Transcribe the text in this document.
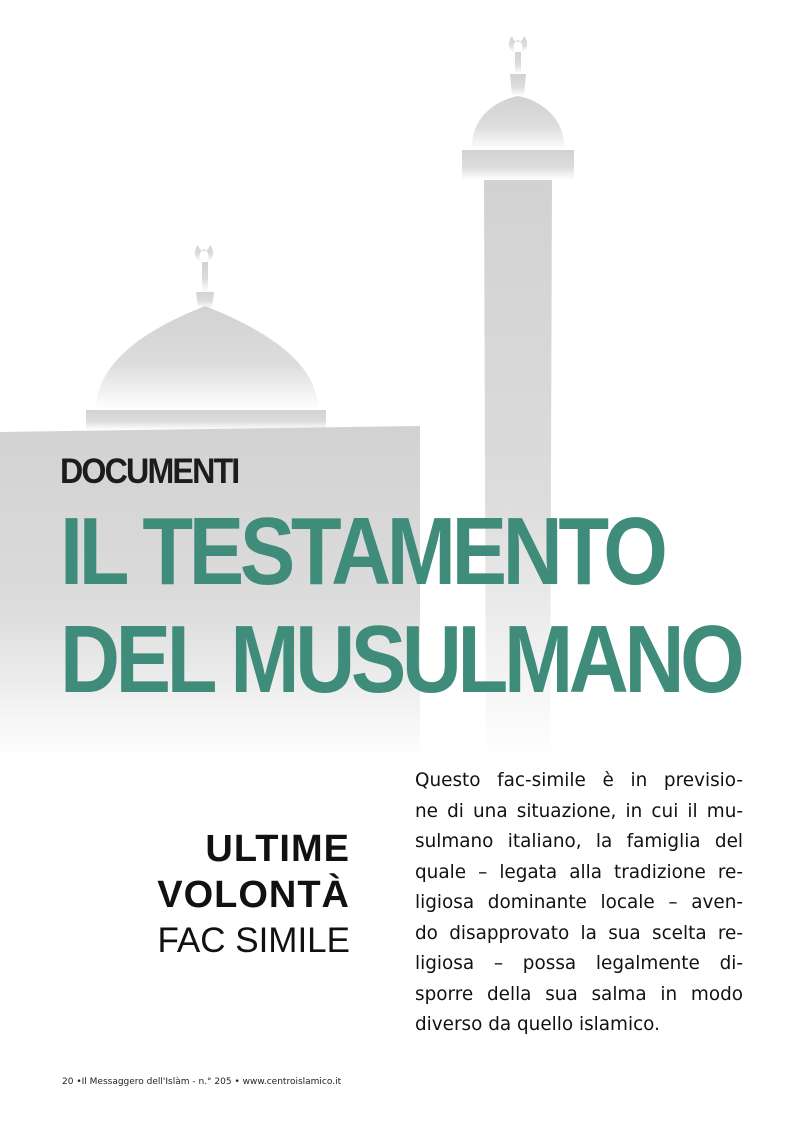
DOCUMENTI
IL TESTAMENTO
DEL MUSULMANO
ULTIME
VOLONTÀ
FAC SIMILE
Questo fac-simile è in previsio-
ne di una situazione, in cui il mu-
sulmano italiano, la famiglia del
quale – legata alla tradizione re-
ligiosa dominante locale – aven-
do disapprovato la sua scelta re-
ligiosa – possa legalmente di-
sporre della sua salma in modo
diverso da quello islamico.
20 •Il Messaggero dell'Islàm - n.° 205 • www.centroislamico.it
